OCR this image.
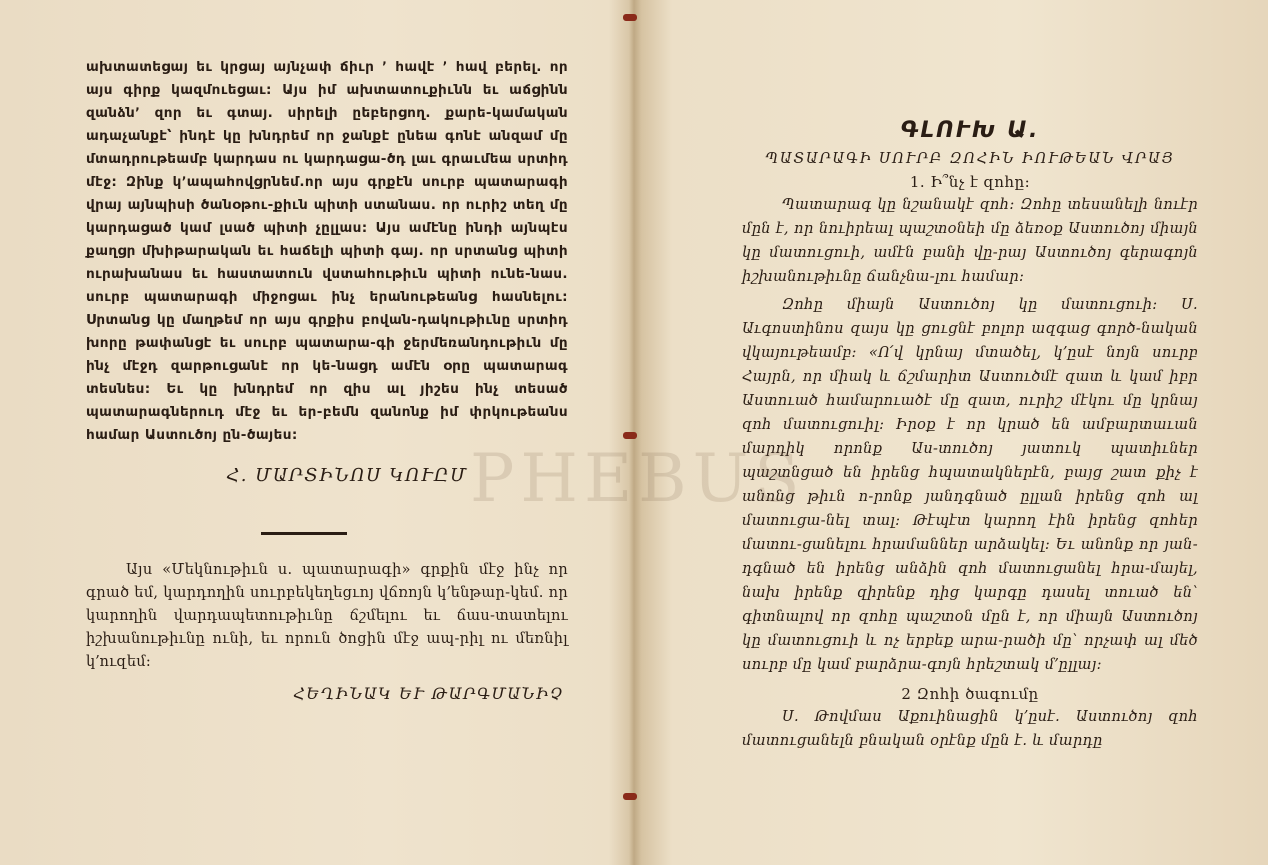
ախտատեցայ եւ կրցայ այնչափ ճիւր ՚ հավէ ՚ հավ բերել. որ այս գիրք կազմուեցաւ: Այս իմ ախտատուքիւնն եւ աճցինն զանձն՚ զոր եւ գտայ. սիրելի ըեբերցող. քարե-կամական ադաչանքէ՝ ինդէ կը խնդրեմ որ ջանքէ ընեա գոնէ անզամ մը մտադրութեամբ կարդաս ու կարդացա-ծդ լաւ գրաւմեա սրտիդ մէջ: Զինք կ՚ապահովցրնեմ.որ այս գրքէն սուրբ պատարագի վրայ այնպիսի ծանօթու-քիւն պիտի ստանաս. որ ուրիշ տեղ մը կարդացած կամ լսած պիտի չըլլաս: Այս ամէնը ինդի այնպէս քաղցր մխիթարական եւ հաճելի պիտի գայ. որ սրտանց պիտի ուրախանաս եւ հաստատուն վստահութիւն պիտի ունե-նաս. սուրբ պատարագի միջոցաւ ինչ երանութեանց հասնելու: Սրտանց կը մաղթեմ որ այս գրքիս բովան-դակութիւնը սրտիդ խորը թափանցէ եւ սուրբ պատարա-գի ջերմեռանդութիւն մը ինչ մէջդ զարթուցանէ որ կե-նացդ ամէն օրը պատարագ տեսնես: Եւ կը խնդրեմ որ զիս ալ յիշես ինչ տեսած պատարագներուդ մէջ եւ եր-բեմն զանոնք իմ փրկութեանս համար Աստուծոյ ըն-ծայես:

Հ. ՄԱՐՏԻՆՈՍ ԿՈՒԸՄ

Այս «Մեկնութիւն ս. պատարագի» գրքին մէջ ինչ որ գրած եմ, կարդողին սուրբեկեղեցւոյ վճռոյն կ՚ենթար-կեմ. որ կարողին վարդապետութիւնը ճշմելու եւ ճաս-տատելու իշխանութիւնը ունի, եւ որուն ծոցին մէջ ապ-րիլ ու մեռնիլ կ՚ուզեմ:

ՀԵՂԻՆԱԿ ԵՒ ԹԱՐԳՄԱՆԻՉ
ԳԼՈՒԽ Ա.
ՊԱՏԱՐԱԳԻ ՍՈՒՐԲ ԶՈՀԻՆ ԻՈՒԹԵԱՆ ՎՐԱՅ
1. Ի՞նչ է զոհը:

Պատարագ կը նշանակէ զոհ: Զոհը տեսանելի նուէր մըն է, որ նուիրեալ պաշտօնեի մը ձեռօք Աստուծոյ միայն կը մատուցուի, ամէն բանի վը-րայ Աստուծոյ գերագոյն իշխանութիւնը ճանչնա-լու համար:

Զոհը միայն Աստուծոյ կը մատուցուի: Ս. Աւգոստինոս զայս կը ցուցնէ բոլոր ազգաց գործ-նական վկայութեամբ: «Ո՛վ կրնայ մտածել, կ՚ըսէ նոյն սուրբ Հայրն, որ միակ և ճշմարիտ Աստուծմէ զատ և կամ իբր Աստուած համարուածէ մը զատ, ուրիշ մէկու մը կրնայ զոհ մատուցուիլ: Իրօք է որ կրած են ամբարտաւան մարդիկ որոնք Աս-տուծոյ յատուկ պատիւներ պաշտնցած են իրենց հպատակներէն, բայց շատ քիչ է անոնց թիւն ո-րոնք յանդգնած ըլլան իրենց զոհ ալ մատուցա-նել տալ: Թէպէտ կարող էին իրենց զոհեր մատու-ցանելու հրամաններ արձակել: Եւ անոնք որ յան-դգնած են իրենց անձին զոհ մատուցանել հրա-մայել, նախ իրենք զիրենք դից կարգը դասել տուած են՝ գիտնալով որ զոհը պաշտօն մըն է, որ միայն Աստուծոյ կը մատուցուի և ոչ երբեք արա-րածի մը՝ որչափ ալ մեծ սուրբ մը կամ բարձրա-գոյն հրեշտակ մ՚ըլլայ:

2 Զոհի ծագումը

Ս. Թովմաս Աքուինացին կ՚ըսէ. Աստուծոյ զոհ մատուցանելն բնական օրէնք մըն է. և մարդը

PHEBUS
